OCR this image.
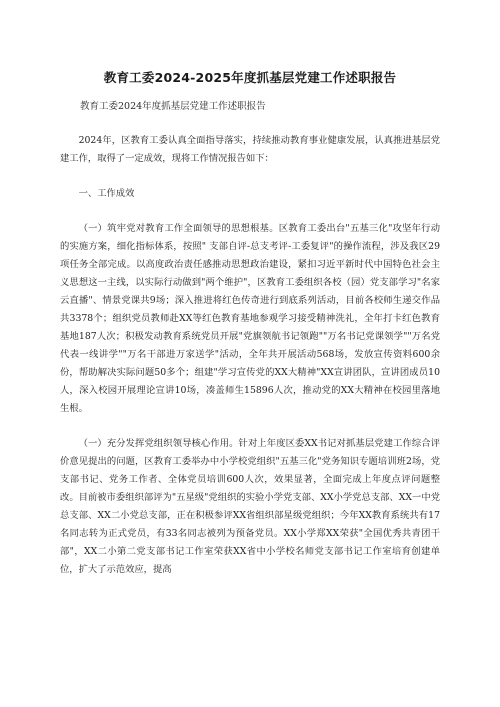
教育工委2024-2025年度抓基层党建工作述职报告
教育工委2024年度抓基层党建工作述职报告

2024年，区教育工委认真全面指导落实，持续推动教育事业健康发展，认真推进基层党建工作，取得了一定成效，现将工作情况报告如下：

一、工作成效

（一）筑牢党对教育工作全面领导的思想根基。区教育工委出台"五基三化"攻坚年行动的实施方案，细化指标体系，按照" 支部自评-总支考评-工委复评"的操作流程，涉及我区29项任务全部完成。以高度政治责任感推动思想政治建设，紧扣习近平新时代中国特色社会主义思想这一主线，以实际行动做到"两个维护"，区教育工委组织各校（园）党支部学习"名家云直播"、情景党课共9场；深入推进将红色传奇进行到底系列活动，目前各校师生递交作品共3378个；组织党员教师赴XX等红色教育基地参观学习接受精神洗礼，全年打卡红色教育基地187人次；积极发动教育系统党员开展"党旗领航书记领跑""万名书记党课领学""万名党代表一线讲学""万名干部进万家送学"活动，全年共开展活动568场，发放宣传资料600余份，帮助解决实际问题50多个；组建"学习宣传党的XX大精神"XX宣讲团队，宣讲团成员10人，深入校园开展理论宣讲10场，凑盖师生15896人次，推动党的XX大精神在校园里落地生根。

（一）充分发挥党组织领导核心作用。针对上年度区委XX书记对抓基层党建工作综合评价意见提出的问题，区教育工委举办中小学校党组织"五基三化"党务知识专题培训班2场，党支部书记、党务工作者、全体党员培训600人次，效果显著，全面完成上年度点评问题整改。目前被市委组织部评为"五星级"党组织的实验小学党支部、XX小学党总支部、XX一中党总支部、XX二小党总支部，正在积极参评XX省组织部星级党组织；今年XX教育系统共有17名同志转为正式党员，有33名同志被列为预备党员。XX小学郑XX荣获"全国优秀共青团干部"，XX二小第二党支部书记工作室荣获XX省中小学校名师党支部书记工作室培育创建单位，扩大了示范效应，提高
